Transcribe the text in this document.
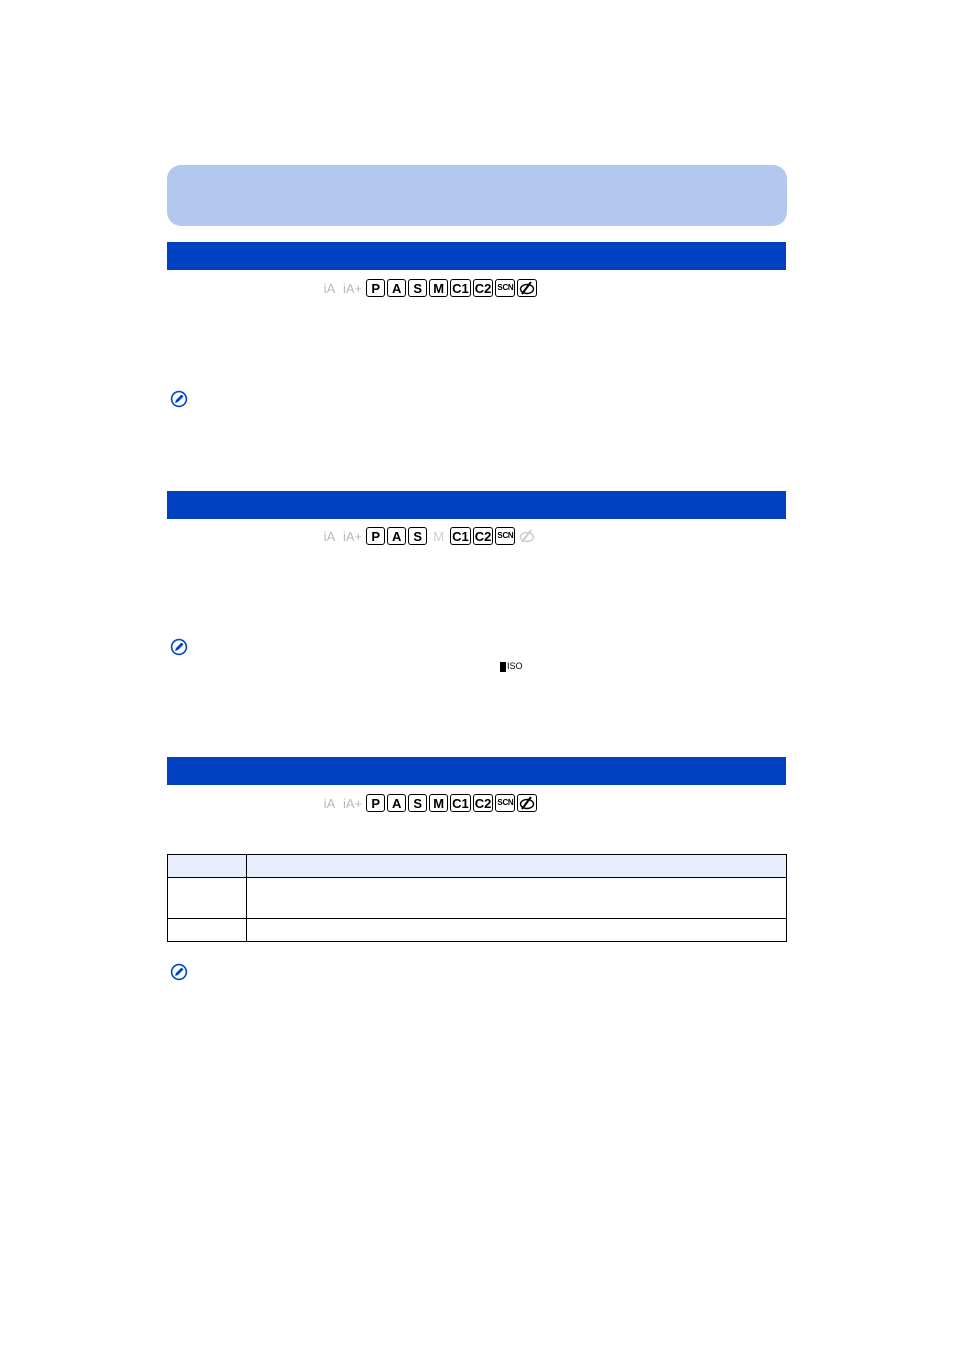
iA iA+ P A S M C1 C2 SCN
iA iA+ P A S M C1 C2 SCN
ISO
iA iA+ P A S M C1 C2 SCN
